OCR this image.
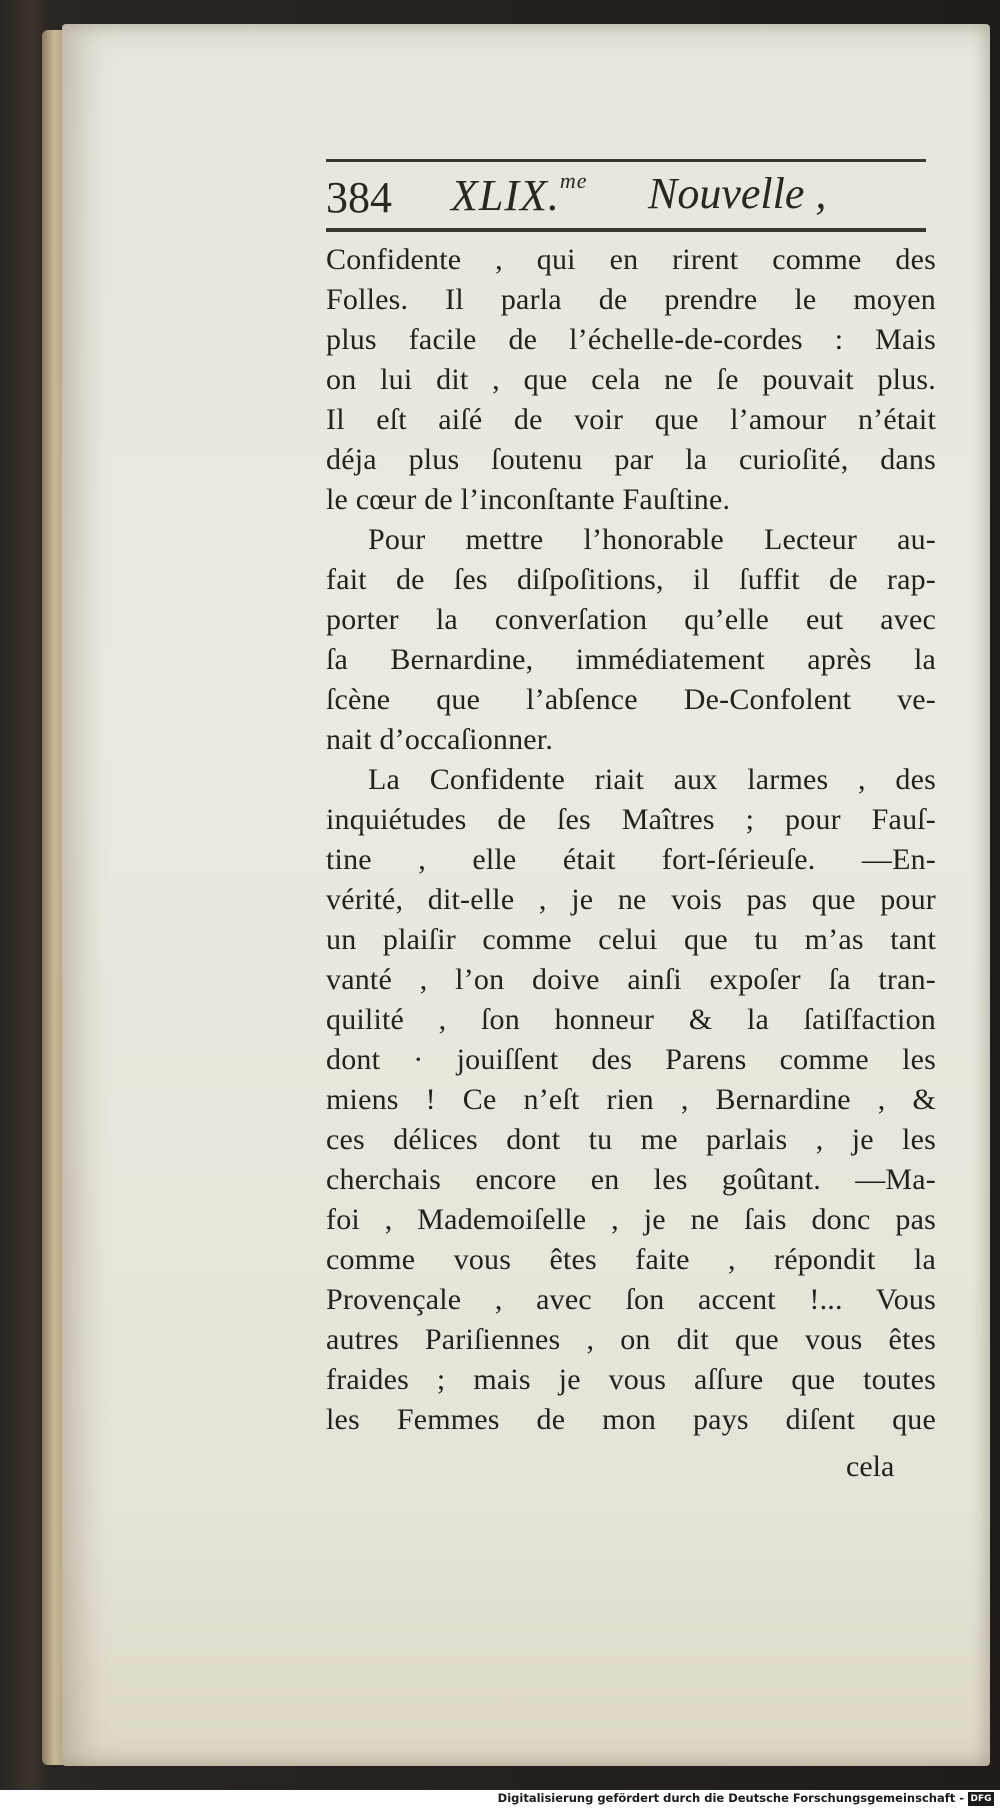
384 XLIX.$^{me}$ Nouvelle ,
Confidente , qui en rirent comme des
Folles. Il parla de prendre le moyen
plus facile de l’échelle-de-cordes : Mais
on lui dit , que cela ne ſe pouvait plus.
Il eſt aiſé de voir que l’amour n’était
déja plus ſoutenu par la curioſité, dans
le cœur de l’inconſtante Fauſtine.
Pour mettre l’honorable Lecteur au-
fait de ſes diſpoſitions, il ſuffit de rap-
porter la converſation qu’elle eut avec
ſa Bernardine, immédiatement après la
ſcène que l’abſence De-Confolent ve-
nait d’occaſionner.
La Confidente riait aux larmes , des
inquiétudes de ſes Maîtres ; pour Fauſ-
tine , elle était fort-ſérieuſe. —En-
vérité, dit-elle , je ne vois pas que pour
un plaiſir comme celui que tu m’as tant
vanté , l’on doive ainſi expoſer ſa tran-
quilité , ſon honneur & la ſatiſfaction
dont · jouiſſent des Parens comme les
miens ! Ce n’eſt rien , Bernardine , &
ces délices dont tu me parlais , je les
cherchais encore en les goûtant. —Ma-
foi , Mademoiſelle , je ne ſais donc pas
comme vous êtes faite , répondit la
Provençale , avec ſon accent !... Vous
autres Pariſiennes , on dit que vous êtes
fraides ; mais je vous aſſure que toutes
les Femmes de mon pays diſent que
cela
Digitalisierung gefördert durch die Deutsche Forschungsgemeinschaft - DFG
